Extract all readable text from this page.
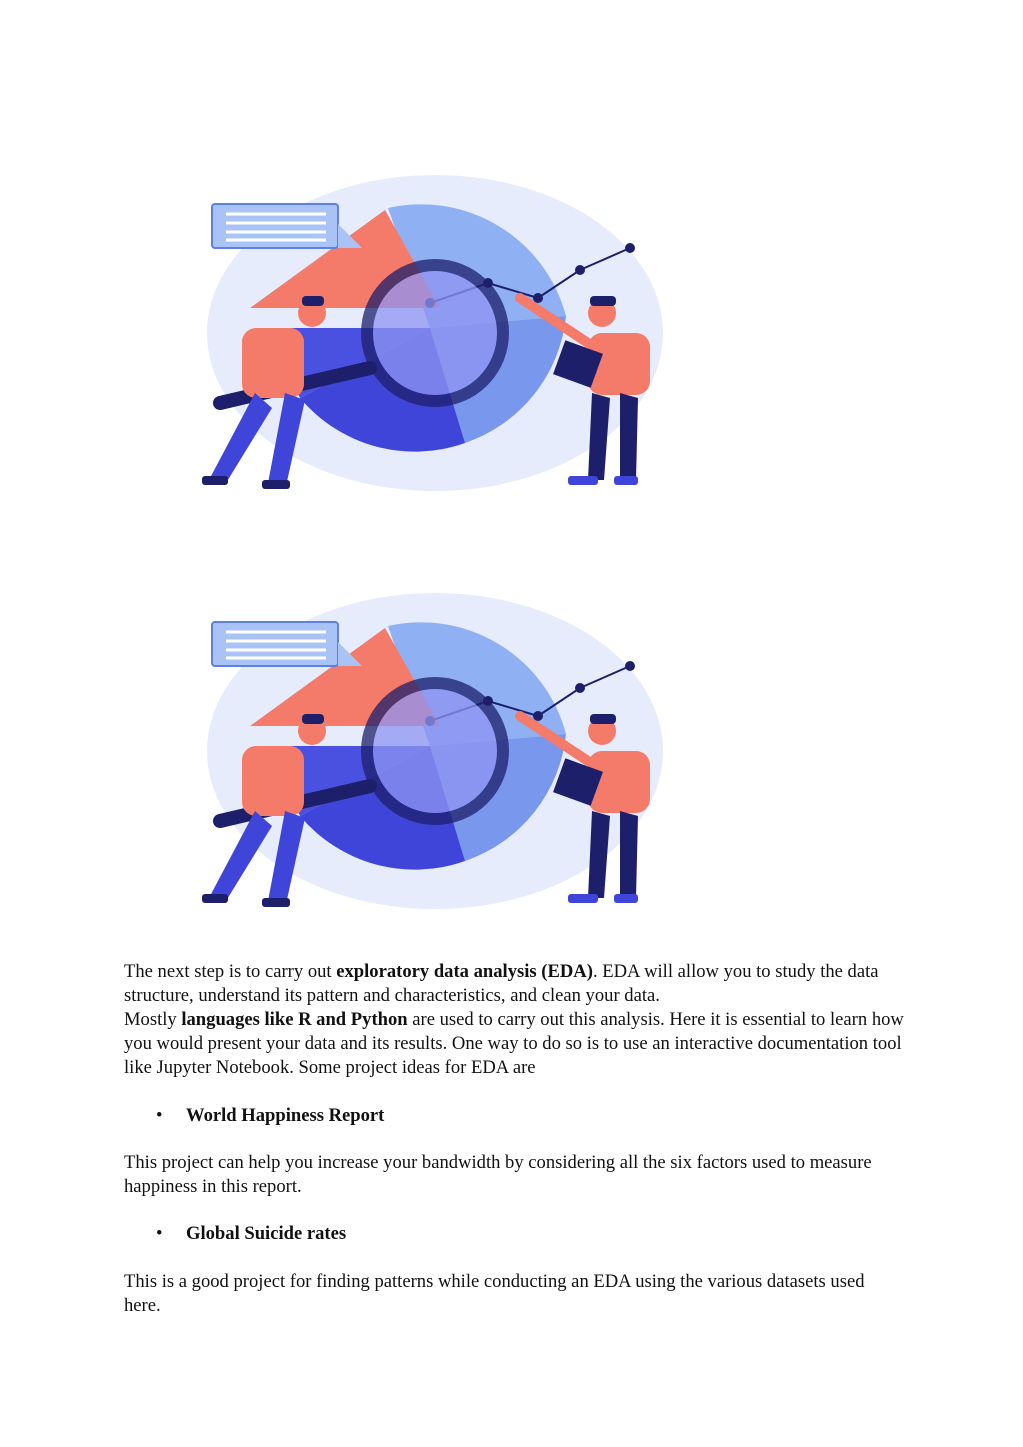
The next step is to carry out exploratory data analysis (EDA). EDA will allow you to study the data structure, understand its pattern and characteristics, and clean your data.
Mostly languages like R and Python are used to carry out this analysis. Here it is essential to learn how you would present your data and its results. One way to do so is to use an interactive documentation tool like Jupyter Notebook. Some project ideas for EDA are

•	World Happiness Report

This project can help you increase your bandwidth by considering all the six factors used to measure happiness in this report.

•	Global Suicide rates

This is a good project for finding patterns while conducting an EDA using the various datasets used here.
